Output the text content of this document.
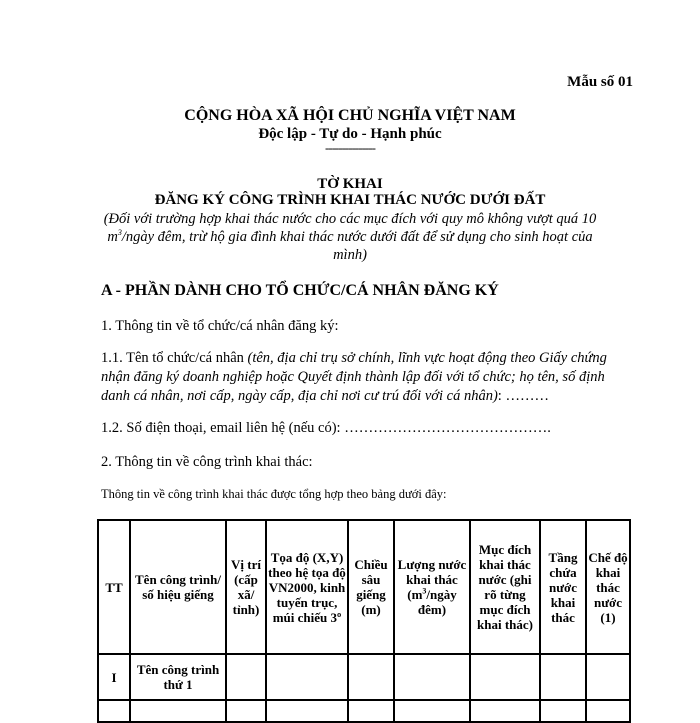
Mẫu số 01
CỘNG HÒA XÃ HỘI CHỦ NGHĨA VIỆT NAM
Độc lập - Tự do - Hạnh phúc
---------------
TỜ KHAI
ĐĂNG KÝ CÔNG TRÌNH KHAI THÁC NƯỚC DƯỚI ĐẤT
(Đối với trường hợp khai thác nước cho các mục đích với quy mô không vượt quá 10
$m^3$/ngày đêm, trừ hộ gia đình khai thác nước dưới đất để sử dụng cho sinh hoạt của
mình)
A - PHẦN DÀNH CHO TỔ CHỨC/CÁ NHÂN ĐĂNG KÝ
1. Thông tin về tổ chức/cá nhân đăng ký:
1.1. Tên tổ chức/cá nhân (tên, địa chỉ trụ sở chính, lĩnh vực hoạt động theo Giấy chứng nhận đăng ký doanh nghiệp hoặc Quyết định thành lập đối với tổ chức; họ tên, số định danh cá nhân, nơi cấp, ngày cấp, địa chỉ nơi cư trú đối với cá nhân): ………
1.2. Số điện thoại, email liên hệ (nếu có): …………………………………….
2. Thông tin về công trình khai thác:
Thông tin về công trình khai thác được tổng hợp theo bảng dưới đây:
TT	Tên công trình/ số hiệu giếng	Vị trí (cấp xã/ tỉnh)	Tọa độ (X,Y) theo hệ tọa độ VN2000, kinh tuyến trục, múi chiếu 3º	Chiều sâu giếng (m)	Lượng nước khai thác ($m^3$/ngày đêm)	Mục đích khai thác nước (ghi rõ từng mục đích khai thác)	Tầng chứa nước khai thác	Chế độ khai thác nước (1)
I	Tên công trình thứ 1							
